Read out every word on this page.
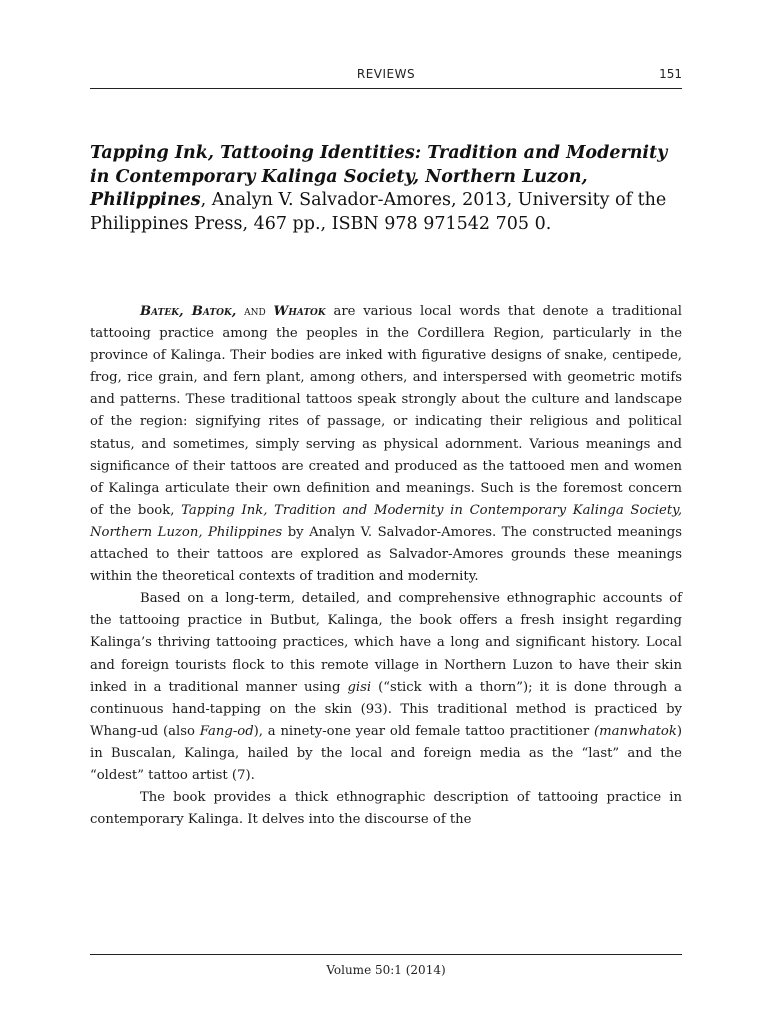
REVIEWS	151
Tapping Ink, Tattooing Identities: Tradition and Modernity in Contemporary Kalinga Society, Northern Luzon, Philippines, Analyn V. Salvador-Amores, 2013, University of the Philippines Press, 467 pp., ISBN 978 971542 705 0.

Batek, Batok, and Whatok are various local words that denote a traditional tattooing practice among the peoples in the Cordillera Region, particularly in the province of Kalinga. Their bodies are inked with figurative designs of snake, centipede, frog, rice grain, and fern plant, among others, and interspersed with geometric motifs and patterns. These traditional tattoos speak strongly about the culture and landscape of the region: signifying rites of passage, or indicating their religious and political status, and sometimes, simply serving as physical adornment. Various meanings and significance of their tattoos are created and produced as the tattooed men and women of Kalinga articulate their own definition and meanings. Such is the foremost concern of the book, Tapping Ink, Tradition and Modernity in Contemporary Kalinga Society, Northern Luzon, Philippines by Analyn V. Salvador-Amores. The constructed meanings attached to their tattoos are explored as Salvador-Amores grounds these meanings within the theoretical contexts of tradition and modernity.

Based on a long-term, detailed, and comprehensive ethnographic accounts of the tattooing practice in Butbut, Kalinga, the book offers a fresh insight regarding Kalinga’s thriving tattooing practices, which have a long and significant history. Local and foreign tourists flock to this remote village in Northern Luzon to have their skin inked in a traditional manner using gisi (“stick with a thorn”); it is done through a continuous hand-tapping on the skin (93). This traditional method is practiced by Whang-ud (also Fang-od), a ninety-one year old female tattoo practitioner (manwhatok) in Buscalan, Kalinga, hailed by the local and foreign media as the “last” and the “oldest” tattoo artist (7).

The book provides a thick ethnographic description of tattooing practice in contemporary Kalinga. It delves into the discourse of the

Volume 50:1 (2014)
